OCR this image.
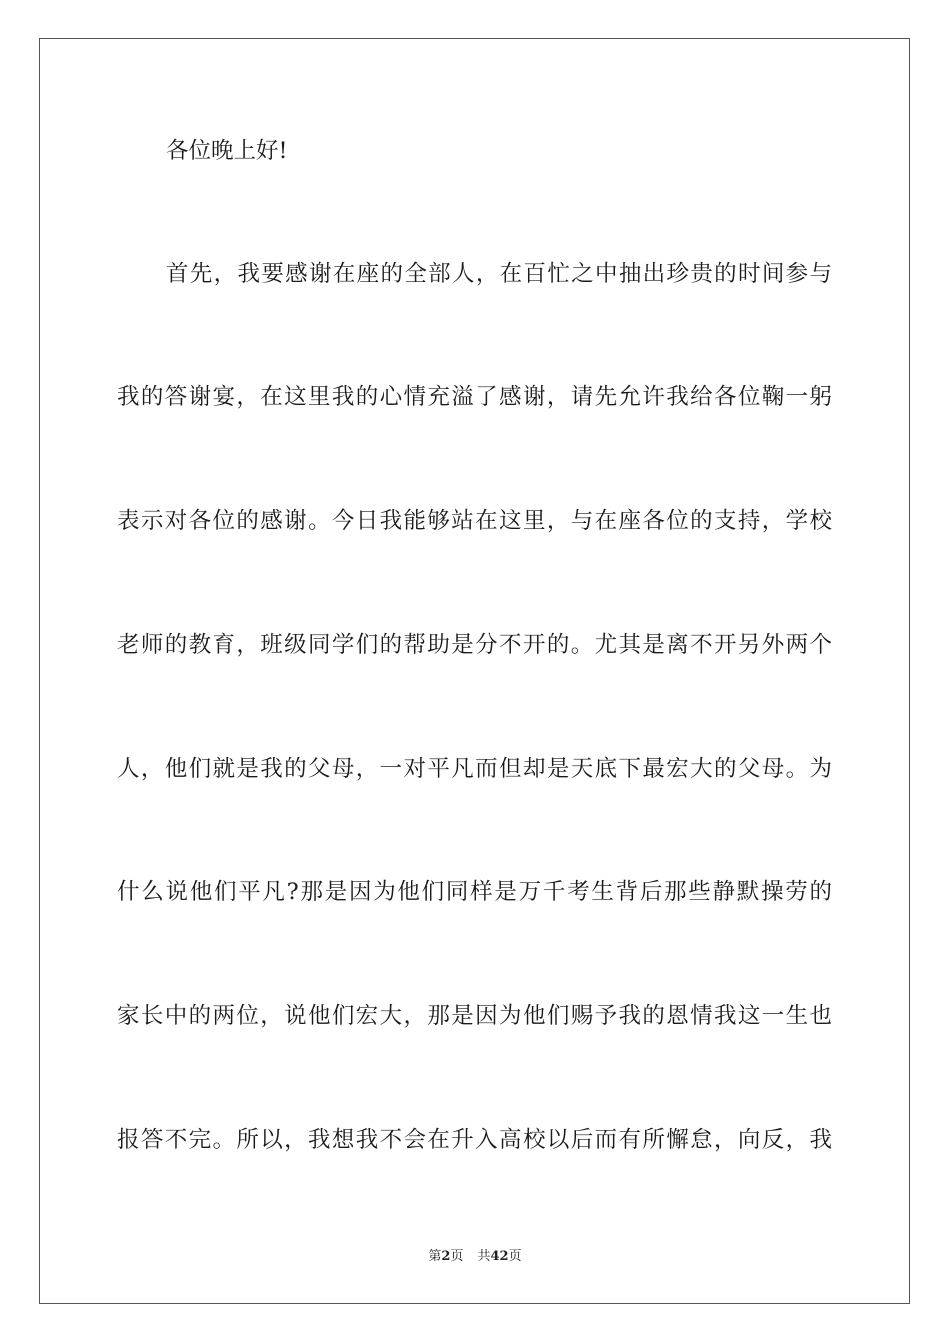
各位晚上好!
首先，我要感谢在座的全部人，在百忙之中抽出珍贵的时间参与
我的答谢宴，在这里我的心情充溢了感谢，请先允许我给各位鞠一躬
表示对各位的感谢。今日我能够站在这里，与在座各位的支持，学校
老师的教育，班级同学们的帮助是分不开的。尤其是离不开另外两个
人，他们就是我的父母，一对平凡而但却是天底下最宏大的父母。为
什么说他们平凡?那是因为他们同样是万千考生背后那些静默操劳的
家长中的两位，说他们宏大，那是因为他们赐予我的恩情我这一生也
报答不完。所以，我想我不会在升入高校以后而有所懈怠，向反，我
第2页 共42页
